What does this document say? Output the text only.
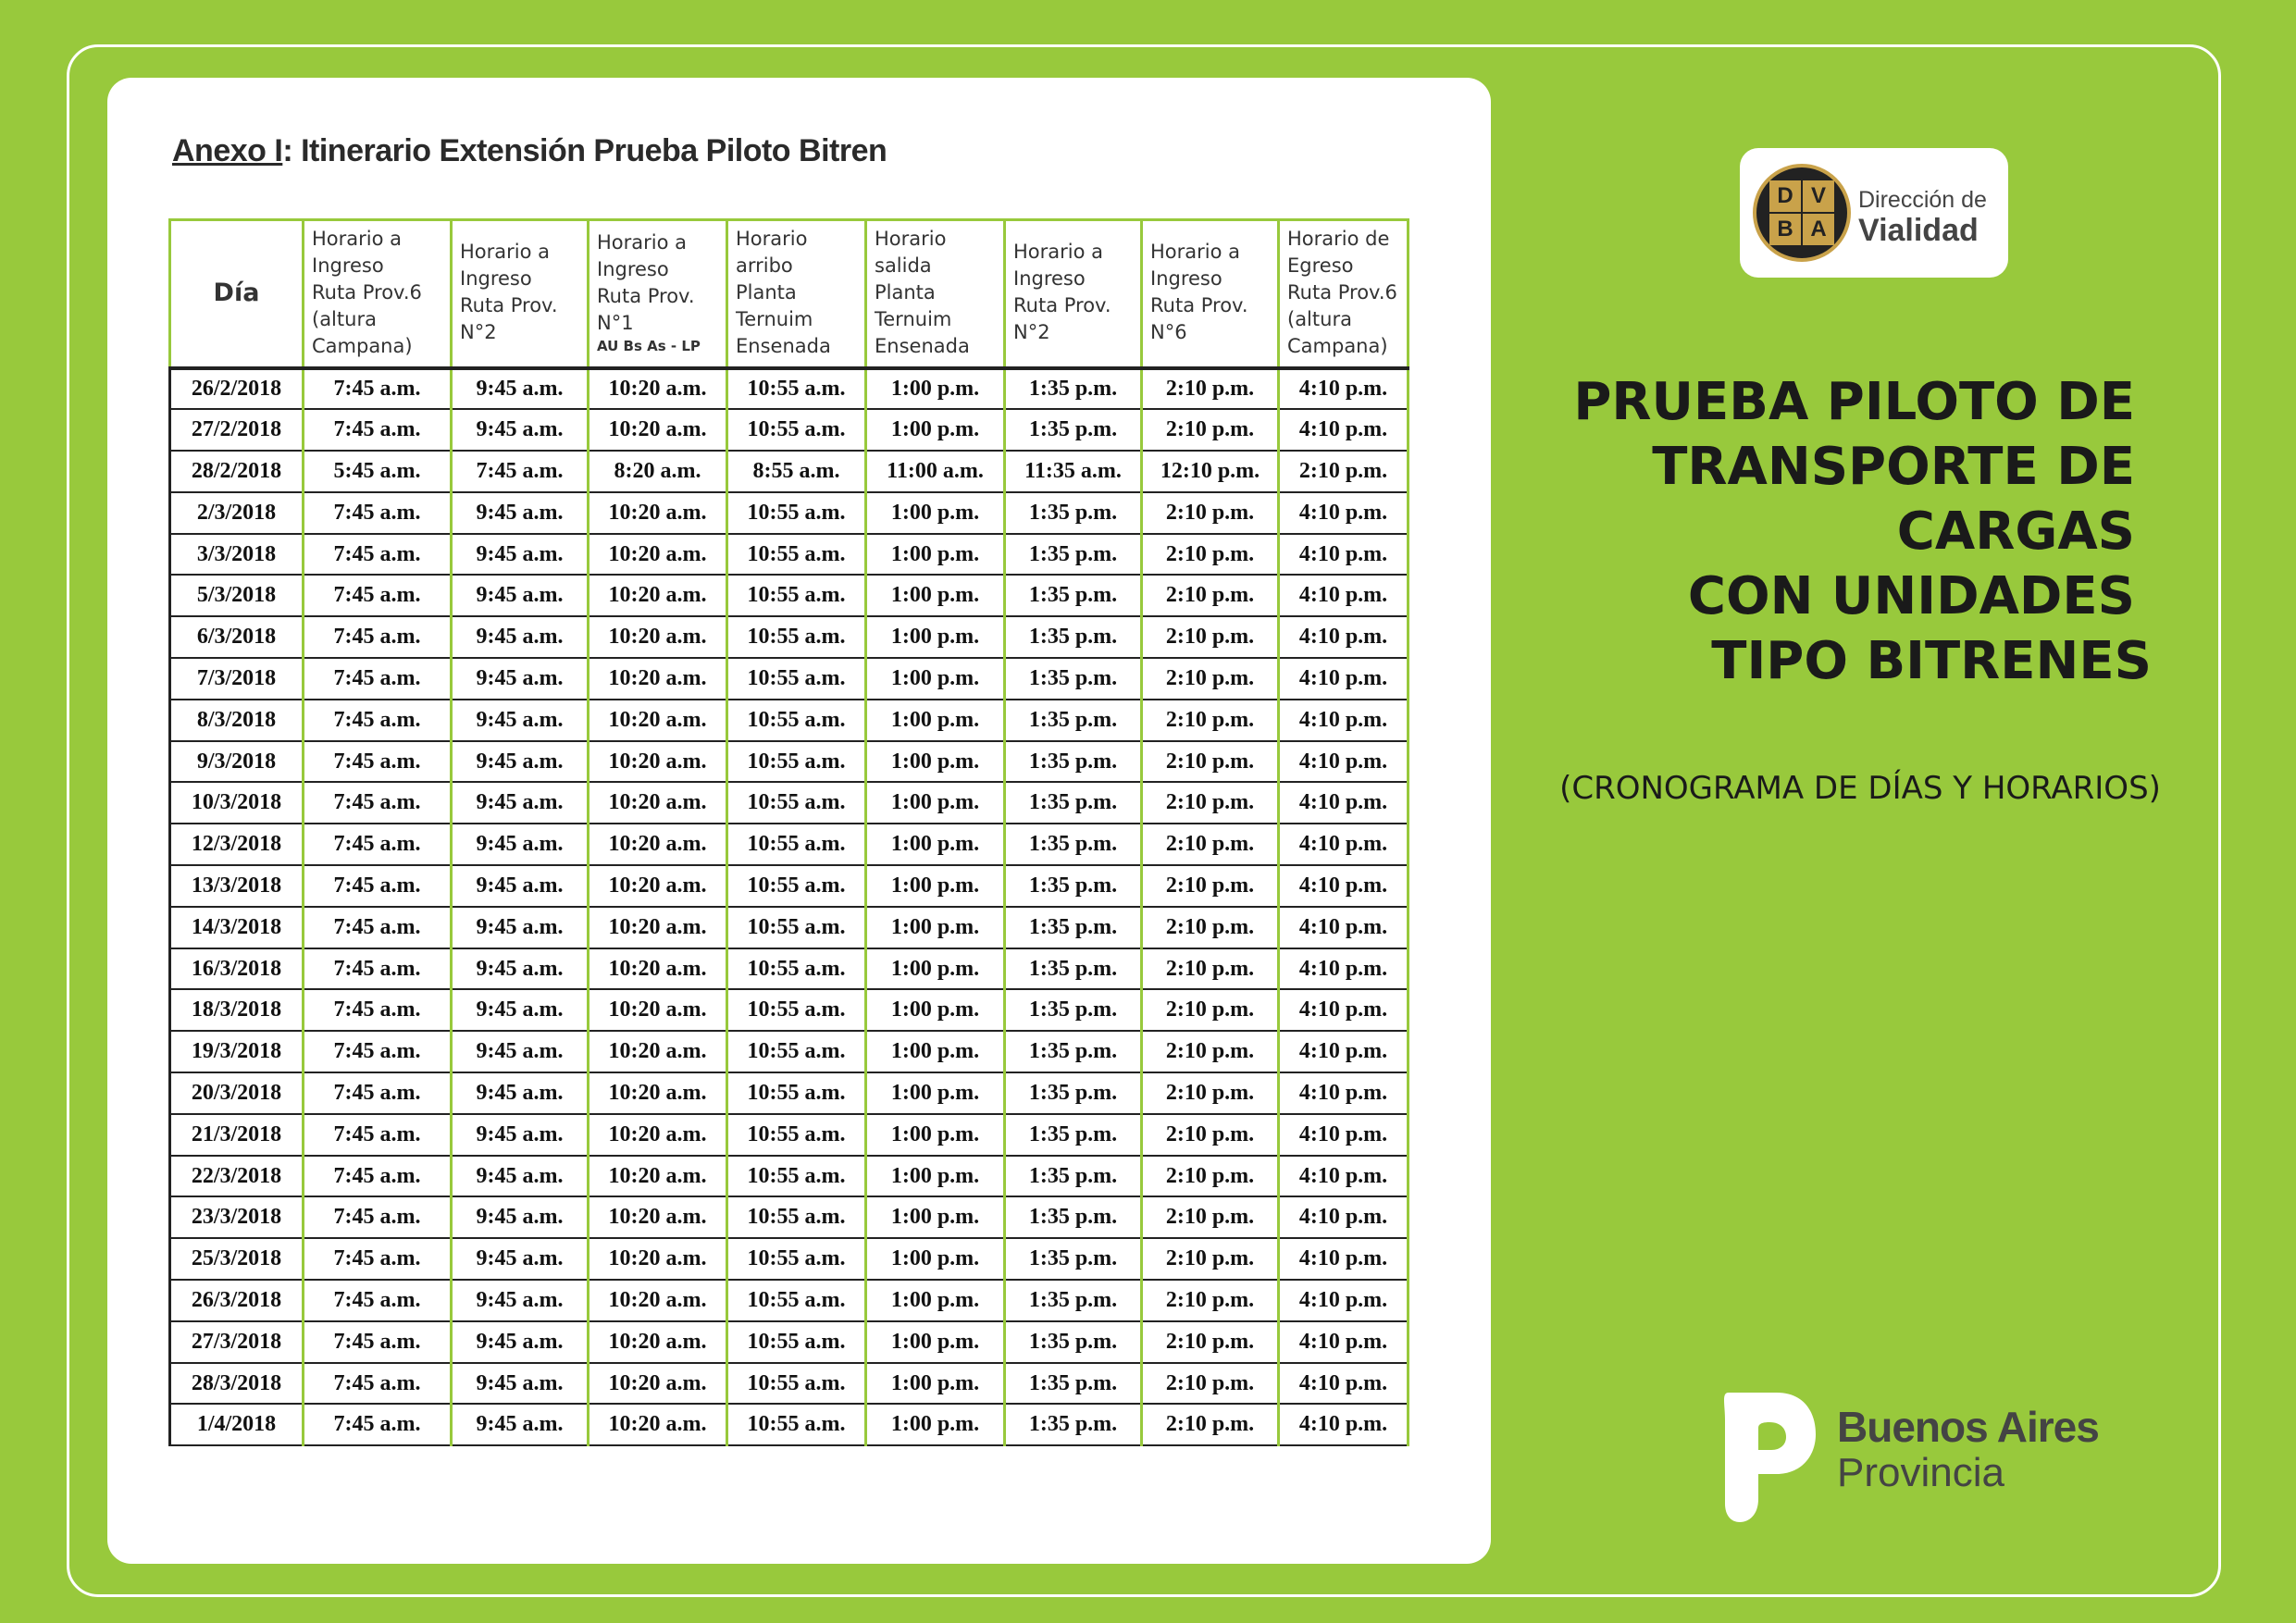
Anexo I: Itinerario Extensión Prueba Piloto Bitren
Día	Horario a
Ingreso
Ruta Prov.6
(altura
Campana)	Horario a
Ingreso
Ruta Prov.
N°2	Horario a
Ingreso
Ruta Prov.
N°1
AU Bs As - LP	Horario
arribo
Planta
Ternuim
Ensenada	Horario
salida
Planta
Ternuim
Ensenada	Horario a
Ingreso
Ruta Prov.
N°2	Horario a
Ingreso
Ruta Prov.
N°6	Horario de
Egreso
Ruta Prov.6
(altura
Campana)

26/2/2018	7:45 a.m.	9:45 a.m.	10:20 a.m.	10:55 a.m.	1:00 p.m.	1:35 p.m.	2:10 p.m.	4:10 p.m.
27/2/2018	7:45 a.m.	9:45 a.m.	10:20 a.m.	10:55 a.m.	1:00 p.m.	1:35 p.m.	2:10 p.m.	4:10 p.m.
28/2/2018	5:45 a.m.	7:45 a.m.	8:20 a.m.	8:55 a.m.	11:00 a.m.	11:35 a.m.	12:10 p.m.	2:10 p.m.
2/3/2018	7:45 a.m.	9:45 a.m.	10:20 a.m.	10:55 a.m.	1:00 p.m.	1:35 p.m.	2:10 p.m.	4:10 p.m.
3/3/2018	7:45 a.m.	9:45 a.m.	10:20 a.m.	10:55 a.m.	1:00 p.m.	1:35 p.m.	2:10 p.m.	4:10 p.m.
5/3/2018	7:45 a.m.	9:45 a.m.	10:20 a.m.	10:55 a.m.	1:00 p.m.	1:35 p.m.	2:10 p.m.	4:10 p.m.
6/3/2018	7:45 a.m.	9:45 a.m.	10:20 a.m.	10:55 a.m.	1:00 p.m.	1:35 p.m.	2:10 p.m.	4:10 p.m.
7/3/2018	7:45 a.m.	9:45 a.m.	10:20 a.m.	10:55 a.m.	1:00 p.m.	1:35 p.m.	2:10 p.m.	4:10 p.m.
8/3/2018	7:45 a.m.	9:45 a.m.	10:20 a.m.	10:55 a.m.	1:00 p.m.	1:35 p.m.	2:10 p.m.	4:10 p.m.
9/3/2018	7:45 a.m.	9:45 a.m.	10:20 a.m.	10:55 a.m.	1:00 p.m.	1:35 p.m.	2:10 p.m.	4:10 p.m.
10/3/2018	7:45 a.m.	9:45 a.m.	10:20 a.m.	10:55 a.m.	1:00 p.m.	1:35 p.m.	2:10 p.m.	4:10 p.m.
12/3/2018	7:45 a.m.	9:45 a.m.	10:20 a.m.	10:55 a.m.	1:00 p.m.	1:35 p.m.	2:10 p.m.	4:10 p.m.
13/3/2018	7:45 a.m.	9:45 a.m.	10:20 a.m.	10:55 a.m.	1:00 p.m.	1:35 p.m.	2:10 p.m.	4:10 p.m.
14/3/2018	7:45 a.m.	9:45 a.m.	10:20 a.m.	10:55 a.m.	1:00 p.m.	1:35 p.m.	2:10 p.m.	4:10 p.m.
16/3/2018	7:45 a.m.	9:45 a.m.	10:20 a.m.	10:55 a.m.	1:00 p.m.	1:35 p.m.	2:10 p.m.	4:10 p.m.
18/3/2018	7:45 a.m.	9:45 a.m.	10:20 a.m.	10:55 a.m.	1:00 p.m.	1:35 p.m.	2:10 p.m.	4:10 p.m.
19/3/2018	7:45 a.m.	9:45 a.m.	10:20 a.m.	10:55 a.m.	1:00 p.m.	1:35 p.m.	2:10 p.m.	4:10 p.m.
20/3/2018	7:45 a.m.	9:45 a.m.	10:20 a.m.	10:55 a.m.	1:00 p.m.	1:35 p.m.	2:10 p.m.	4:10 p.m.
21/3/2018	7:45 a.m.	9:45 a.m.	10:20 a.m.	10:55 a.m.	1:00 p.m.	1:35 p.m.	2:10 p.m.	4:10 p.m.
22/3/2018	7:45 a.m.	9:45 a.m.	10:20 a.m.	10:55 a.m.	1:00 p.m.	1:35 p.m.	2:10 p.m.	4:10 p.m.
23/3/2018	7:45 a.m.	9:45 a.m.	10:20 a.m.	10:55 a.m.	1:00 p.m.	1:35 p.m.	2:10 p.m.	4:10 p.m.
25/3/2018	7:45 a.m.	9:45 a.m.	10:20 a.m.	10:55 a.m.	1:00 p.m.	1:35 p.m.	2:10 p.m.	4:10 p.m.
26/3/2018	7:45 a.m.	9:45 a.m.	10:20 a.m.	10:55 a.m.	1:00 p.m.	1:35 p.m.	2:10 p.m.	4:10 p.m.
27/3/2018	7:45 a.m.	9:45 a.m.	10:20 a.m.	10:55 a.m.	1:00 p.m.	1:35 p.m.	2:10 p.m.	4:10 p.m.
28/3/2018	7:45 a.m.	9:45 a.m.	10:20 a.m.	10:55 a.m.	1:00 p.m.	1:35 p.m.	2:10 p.m.	4:10 p.m.
1/4/2018	7:45 a.m.	9:45 a.m.	10:20 a.m.	10:55 a.m.	1:00 p.m.	1:35 p.m.	2:10 p.m.	4:10 p.m.
D V
B A
Dirección de
Vialidad
PRUEBA PILOTO DE
TRANSPORTE DE
CARGAS
CON UNIDADES
TIPO BITRENES
(CRONOGRAMA DE DÍAS Y HORARIOS)
Buenos Aires
Provincia
